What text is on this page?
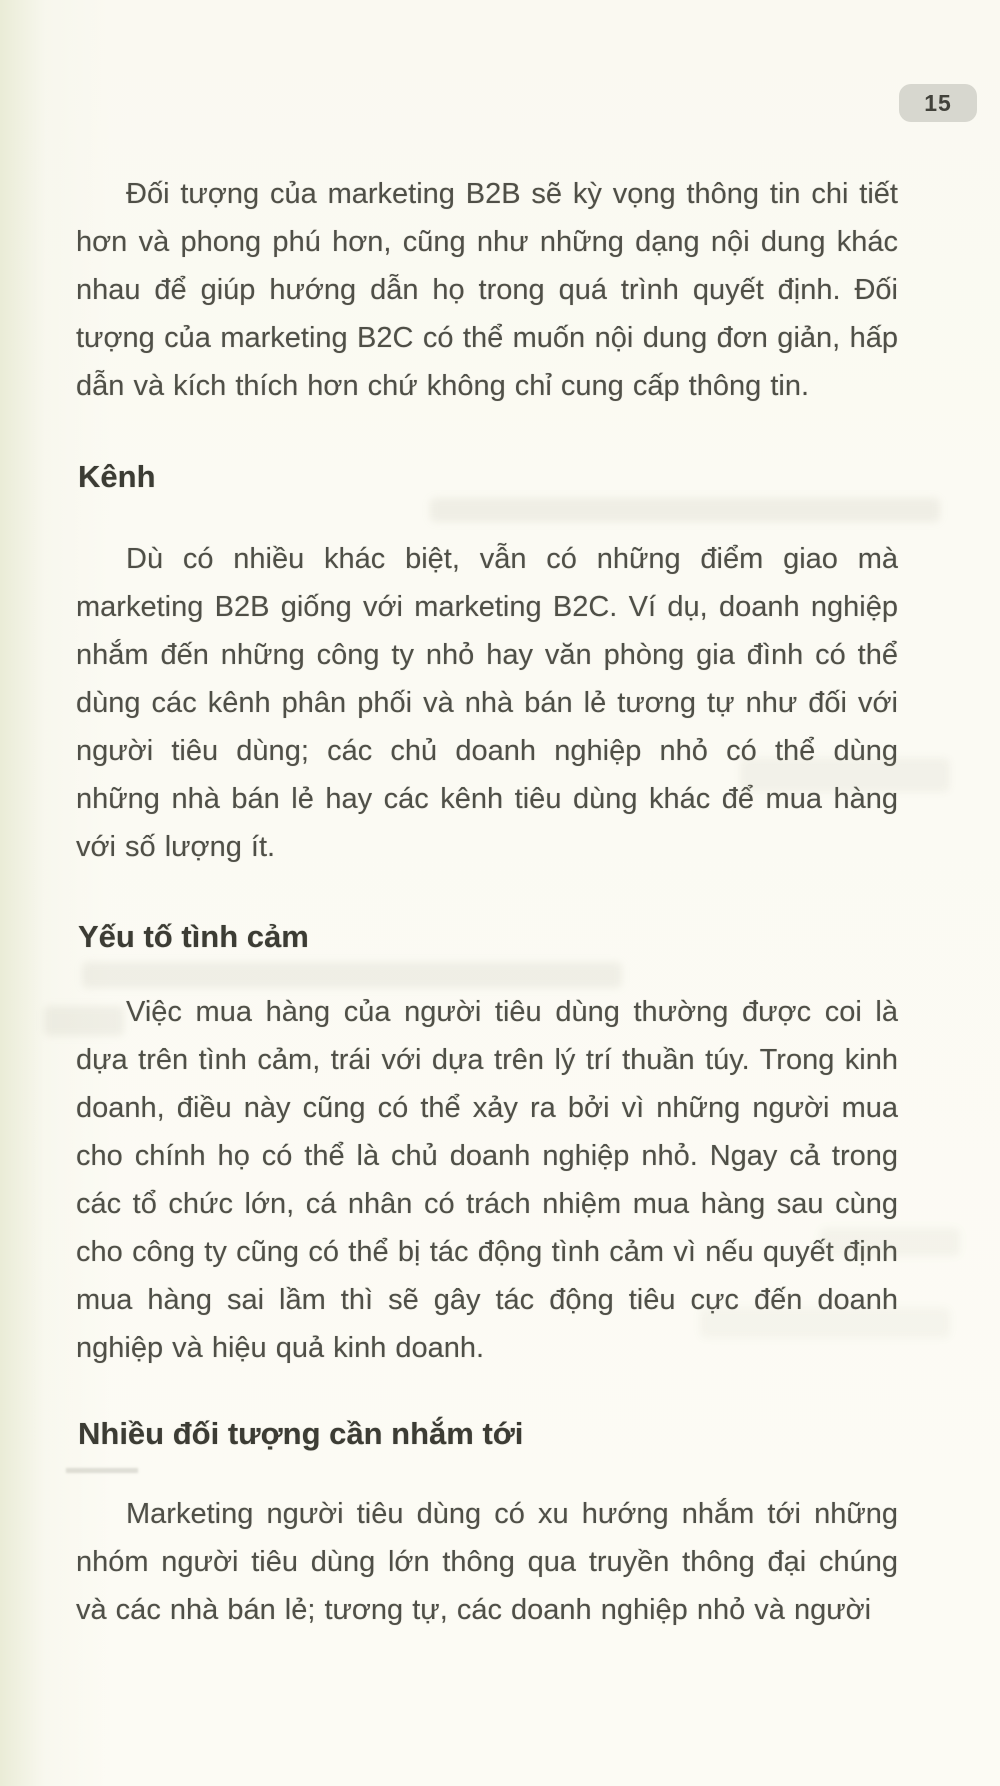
15

Đối tượng của marketing B2B sẽ kỳ vọng thông tin chi tiết hơn và phong phú hơn, cũng như những dạng nội dung khác nhau để giúp hướng dẫn họ trong quá trình quyết định. Đối tượng của marketing B2C có thể muốn nội dung đơn giản, hấp dẫn và kích thích hơn chứ không chỉ cung cấp thông tin.

Kênh

Dù có nhiều khác biệt, vẫn có những điểm giao mà marketing B2B giống với marketing B2C. Ví dụ, doanh nghiệp nhắm đến những công ty nhỏ hay văn phòng gia đình có thể dùng các kênh phân phối và nhà bán lẻ tương tự như đối với người tiêu dùng; các chủ doanh nghiệp nhỏ có thể dùng những nhà bán lẻ hay các kênh tiêu dùng khác để mua hàng với số lượng ít.

Yếu tố tình cảm

Việc mua hàng của người tiêu dùng thường được coi là dựa trên tình cảm, trái với dựa trên lý trí thuần túy. Trong kinh doanh, điều này cũng có thể xảy ra bởi vì những người mua cho chính họ có thể là chủ doanh nghiệp nhỏ. Ngay cả trong các tổ chức lớn, cá nhân có trách nhiệm mua hàng sau cùng cho công ty cũng có thể bị tác động tình cảm vì nếu quyết định mua hàng sai lầm thì sẽ gây tác động tiêu cực đến doanh nghiệp và hiệu quả kinh doanh.

Nhiều đối tượng cần nhắm tới

Marketing người tiêu dùng có xu hướng nhắm tới những nhóm người tiêu dùng lớn thông qua truyền thông đại chúng và các nhà bán lẻ; tương tự, các doanh nghiệp nhỏ và người
